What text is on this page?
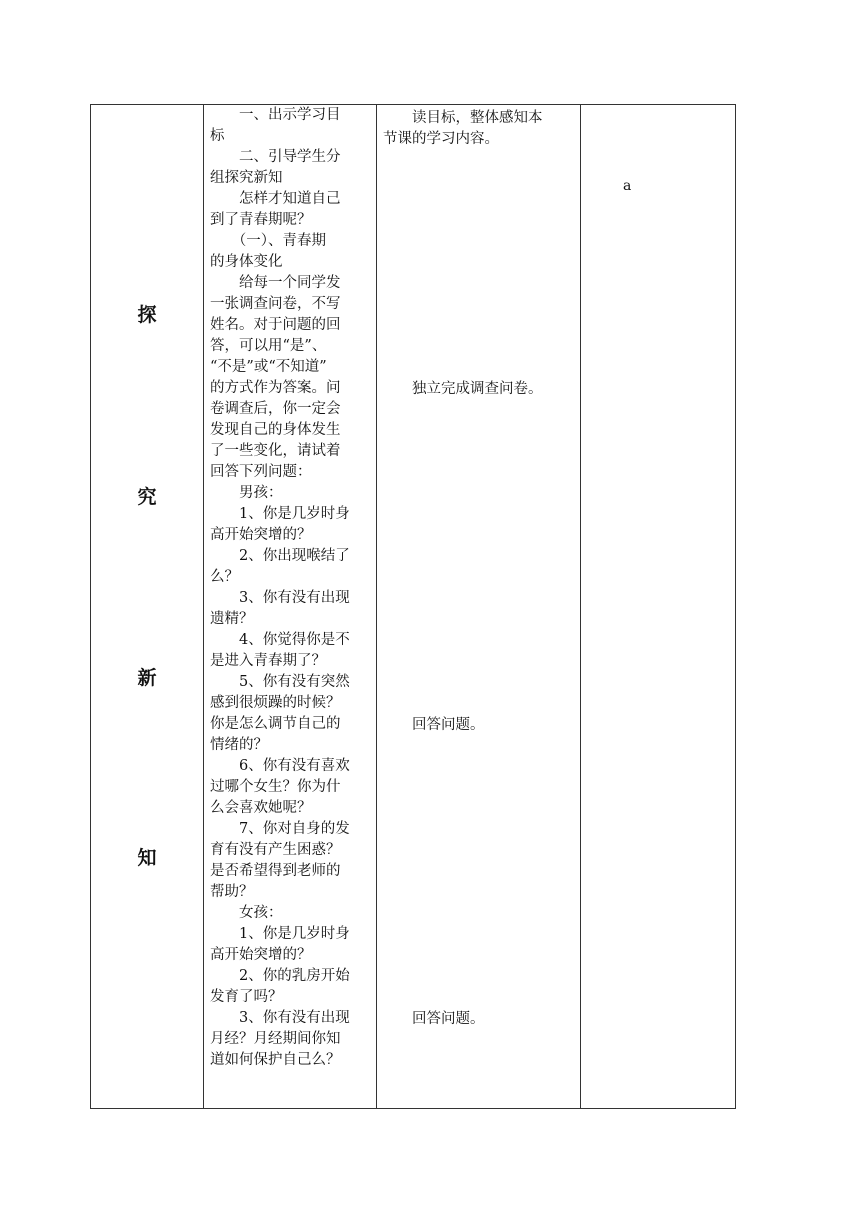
探
究
新
知
　　一、出示学习目
标
　　二、引导学生分
组探究新知
　　怎样才知道自己
到了青春期呢？
　　（一）、青春期
的身体变化
　　给每一个同学发
一张调查问卷，不写
姓名。对于问题的回
答，可以用“是”、
“不是”或“不知道”
的方式作为答案。问
卷调查后，你一定会
发现自己的身体发生
了一些变化，请试着
回答下列问题：
　　男孩：
　　1、你是几岁时身
高开始突增的？
　　2、你出现喉结了
么？
　　3、你有没有出现
遗精？
　　4、你觉得你是不
是进入青春期了？
　　5、你有没有突然
感到很烦躁的时候？
你是怎么调节自己的
情绪的？
　　6、你有没有喜欢
过哪个女生？你为什
么会喜欢她呢？
　　7、你对自身的发
育有没有产生困惑？
是否希望得到老师的
帮助？
　　女孩：
　　1、你是几岁时身
高开始突增的？
　　2、你的乳房开始
发育了吗？
　　3、你有没有出现
月经？月经期间你知
道如何保护自己么？
　　读目标，整体感知本
节课的学习内容。
　　独立完成调查问卷。
　　回答问题。
　　回答问题。
a
